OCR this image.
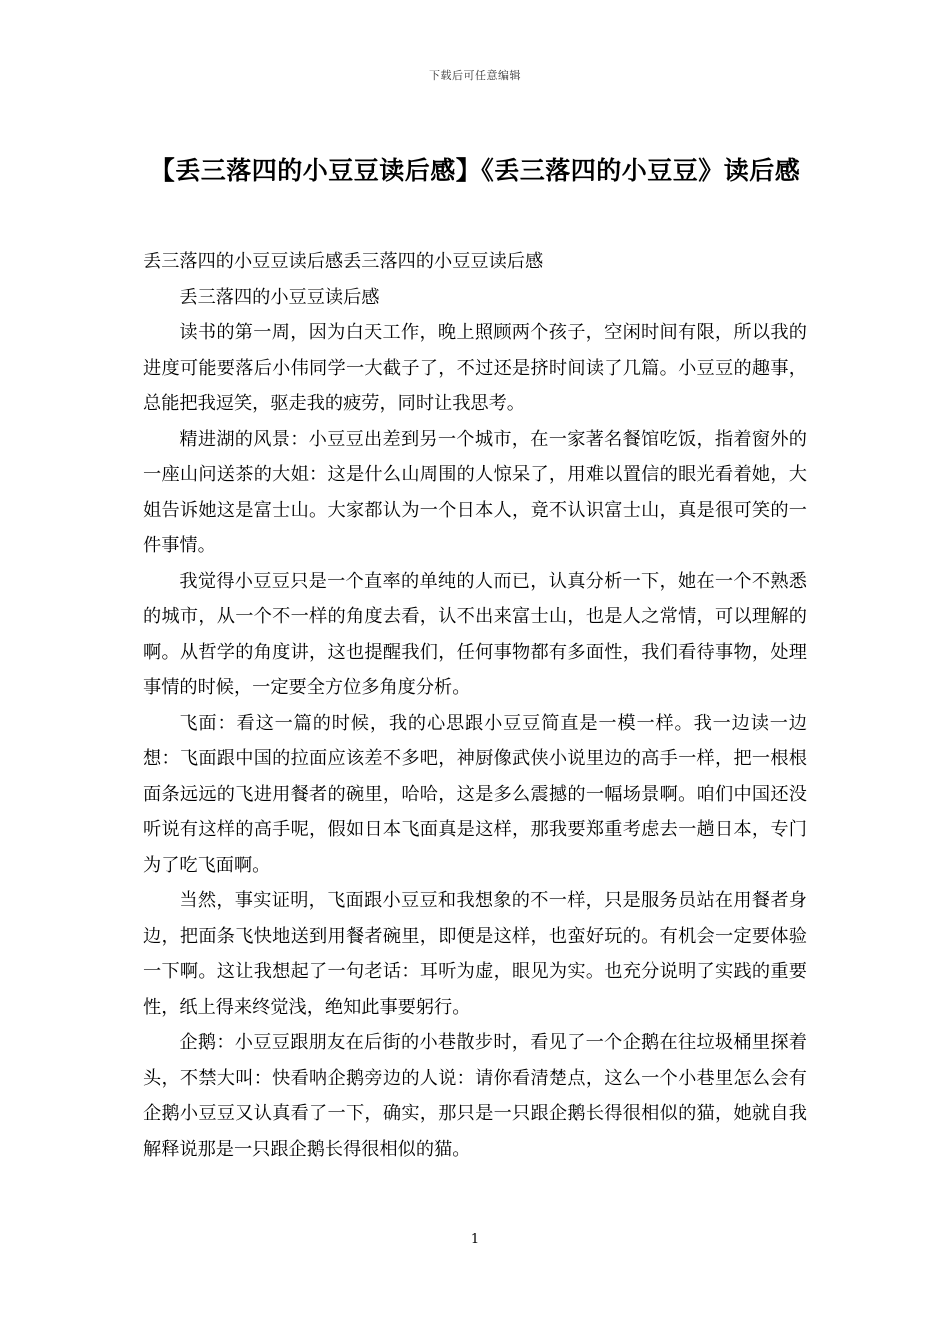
下载后可任意编辑
【丢三落四的小豆豆读后感】《丢三落四的小豆豆》读后感

丢三落四的小豆豆读后感丢三落四的小豆豆读后感

丢三落四的小豆豆读后感

读书的第一周，因为白天工作，晚上照顾两个孩子，空闲时间有限，所以我的进度可能要落后小伟同学一大截子了，不过还是挤时间读了几篇。小豆豆的趣事，总能把我逗笑，驱走我的疲劳，同时让我思考。

精进湖的风景：小豆豆出差到另一个城市，在一家著名餐馆吃饭，指着窗外的一座山问送茶的大姐：这是什么山周围的人惊呆了，用难以置信的眼光看着她，大姐告诉她这是富士山。大家都认为一个日本人，竟不认识富士山，真是很可笑的一件事情。

我觉得小豆豆只是一个直率的单纯的人而已，认真分析一下，她在一个不熟悉的城市，从一个不一样的角度去看，认不出来富士山，也是人之常情，可以理解的啊。从哲学的角度讲，这也提醒我们，任何事物都有多面性，我们看待事物，处理事情的时候，一定要全方位多角度分析。

飞面：看这一篇的时候，我的心思跟小豆豆简直是一模一样。我一边读一边想：飞面跟中国的拉面应该差不多吧，神厨像武侠小说里边的高手一样，把一根根面条远远的飞进用餐者的碗里，哈哈，这是多么震撼的一幅场景啊。咱们中国还没听说有这样的高手呢，假如日本飞面真是这样，那我要郑重考虑去一趟日本，专门为了吃飞面啊。

当然，事实证明，飞面跟小豆豆和我想象的不一样，只是服务员站在用餐者身边，把面条飞快地送到用餐者碗里，即便是这样，也蛮好玩的。有机会一定要体验一下啊。这让我想起了一句老话：耳听为虚，眼见为实。也充分说明了实践的重要性，纸上得来终觉浅，绝知此事要躬行。

企鹅：小豆豆跟朋友在后街的小巷散步时，看见了一个企鹅在往垃圾桶里探着头，不禁大叫：快看呐企鹅旁边的人说：请你看清楚点，这么一个小巷里怎么会有企鹅小豆豆又认真看了一下，确实，那只是一只跟企鹅长得很相似的猫，她就自我解释说那是一只跟企鹅长得很相似的猫。

1
